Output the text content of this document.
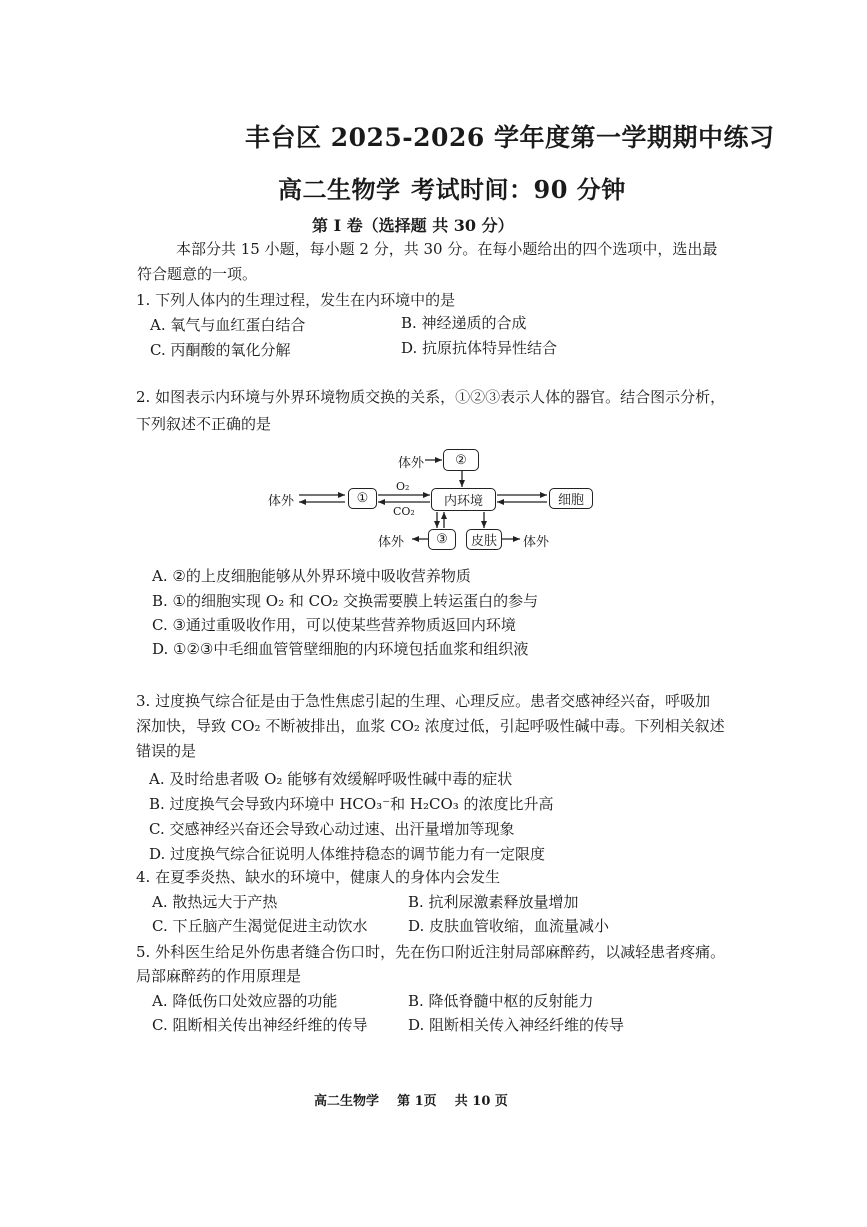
丰台区 2025-2026 学年度第一学期期中练习
高二生物学 考试时间：90 分钟
第 I 卷（选择题 共 30 分）
本部分共 15 小题，每小题 2 分，共 30 分。在每小题给出的四个选项中，选出最
符合题意的一项。
1. 下列人体内的生理过程，发生在内环境中的是
A. 氧气与血红蛋白结合	B. 神经递质的合成
C. 丙酮酸的氧化分解	D. 抗原抗体特异性结合
2. 如图表示内环境与外界环境物质交换的关系，①②③表示人体的器官。结合图示分析，
下列叙述不正确的是
体外 ②
体外	①
O₂
CO₂
内环境	细胞
体外 ③ 皮肤 体外
A. ②的上皮细胞能够从外界环境中吸收营养物质
B. ①的细胞实现 O₂ 和 CO₂ 交换需要膜上转运蛋白的参与
C. ③通过重吸收作用，可以使某些营养物质返回内环境
D. ①②③中毛细血管管壁细胞的内环境包括血浆和组织液
3. 过度换气综合征是由于急性焦虑引起的生理、心理反应。患者交感神经兴奋，呼吸加
深加快，导致 CO₂ 不断被排出，血浆 CO₂ 浓度过低，引起呼吸性碱中毒。下列相关叙述
错误的是
A. 及时给患者吸 O₂ 能够有效缓解呼吸性碱中毒的症状
B. 过度换气会导致内环境中 HCO₃⁻和 H₂CO₃ 的浓度比升高
C. 交感神经兴奋还会导致心动过速、出汗量增加等现象
D. 过度换气综合征说明人体维持稳态的调节能力有一定限度
4. 在夏季炎热、缺水的环境中，健康人的身体内会发生
A. 散热远大于产热	B. 抗利尿激素释放量增加
C. 下丘脑产生渴觉促进主动饮水	D. 皮肤血管收缩，血流量减小
5. 外科医生给足外伤患者缝合伤口时，先在伤口附近注射局部麻醉药，以减轻患者疼痛。
局部麻醉药的作用原理是
A. 降低伤口处效应器的功能	B. 降低脊髓中枢的反射能力
C. 阻断相关传出神经纤维的传导	D. 阻断相关传入神经纤维的传导
高二生物学    第 1页    共 10 页
